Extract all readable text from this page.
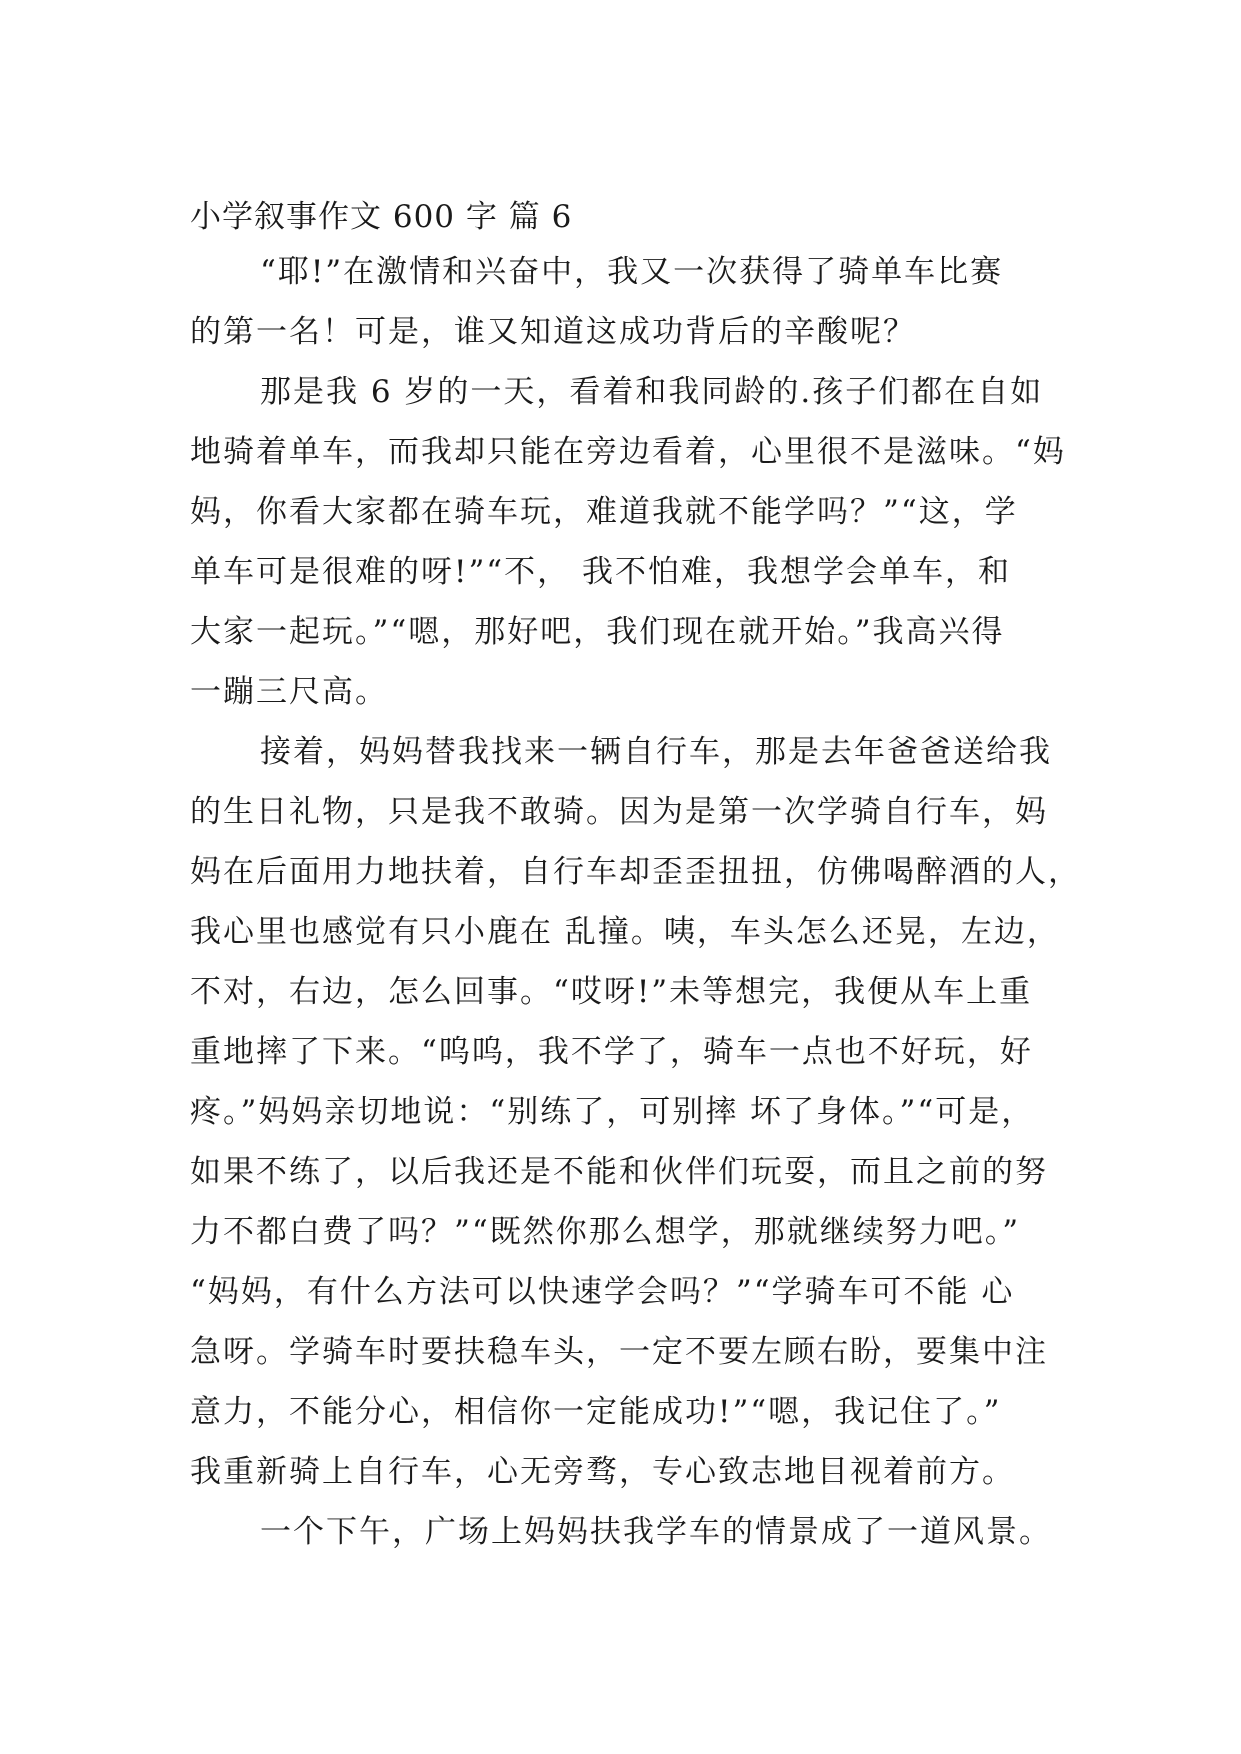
小学叙事作文 600 字 篇 6
“耶!”在激情和兴奋中，我又一次获得了骑单车比赛
的第一名！可是，谁又知道这成功背后的辛酸呢？
那是我 6 岁的一天，看着和我同龄的.孩子们都在自如
地骑着单车，而我却只能在旁边看着，心里很不是滋味。“妈
妈，你看大家都在骑车玩，难道我就不能学吗？”“这，学
单车可是很难的呀!”“不， 我不怕难，我想学会单车，和
大家一起玩。”“嗯，那好吧，我们现在就开始。”我高兴得
一蹦三尺高。
接着，妈妈替我找来一辆自行车，那是去年爸爸送给我
的生日礼物，只是我不敢骑。因为是第一次学骑自行车，妈
妈在后面用力地扶着，自行车却歪歪扭扭，仿佛喝醉酒的人，
我心里也感觉有只小鹿在 乱撞。咦，车头怎么还晃，左边，
不对，右边，怎么回事。“哎呀!”未等想完，我便从车上重
重地摔了下来。“呜呜，我不学了，骑车一点也不好玩，好
疼。”妈妈亲切地说：“别练了，可别摔 坏了身体。”“可是，
如果不练了，以后我还是不能和伙伴们玩耍，而且之前的努
力不都白费了吗？”“既然你那么想学，那就继续努力吧。”
“妈妈，有什么方法可以快速学会吗？”“学骑车可不能 心
急呀。学骑车时要扶稳车头，一定不要左顾右盼，要集中注
意力，不能分心，相信你一定能成功!”“嗯，我记住了。”
我重新骑上自行车，心无旁骛，专心致志地目视着前方。
一个下午，广场上妈妈扶我学车的情景成了一道风景。
